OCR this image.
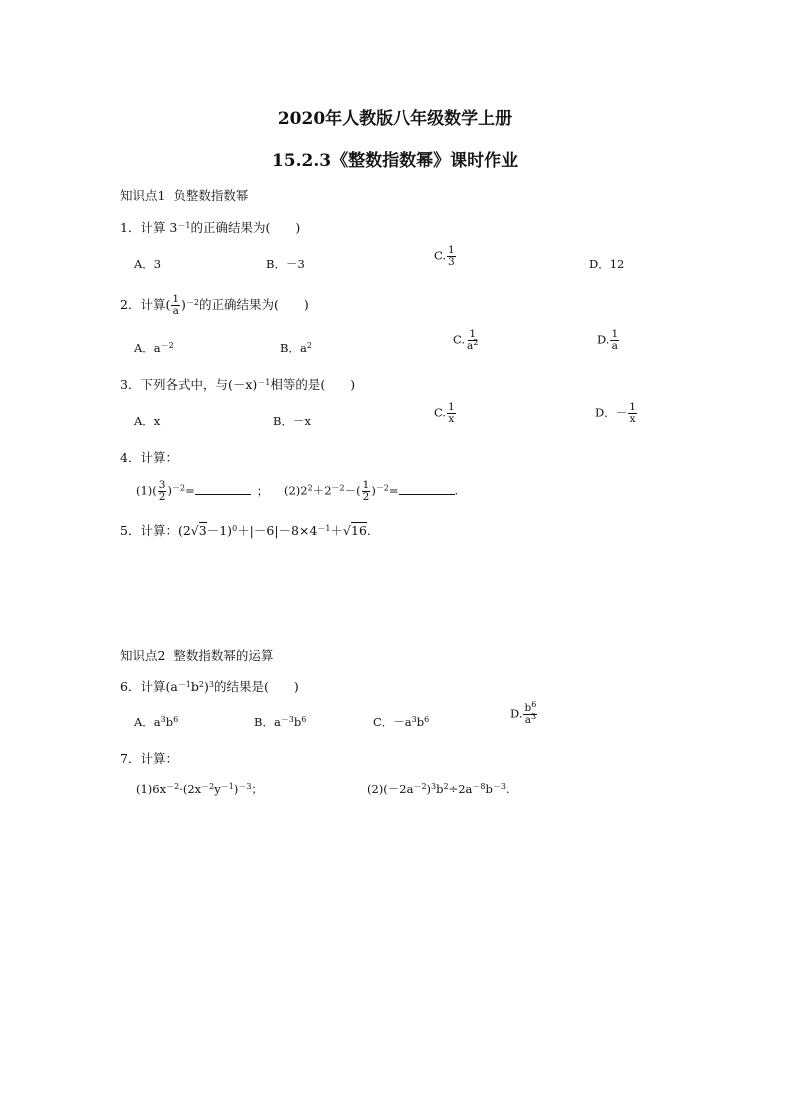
2020年人教版八年级数学上册
15.2.3《整数指数幂》课时作业
知识点1 负整数指数幂
1．计算 $3^{-1}$的正确结果为(　　)
A．3	B．－3
C. $\frac{1}{3}$	D．12
2．计算( $\frac{1}{a} )^{-2}$的正确结果为(　　)
A．$a^{-2}$	B．$a^2$	C. $\frac{1}{a^2}$	D. $\frac{1}{a}$
3．下列各式中，与$(-x)^{-1}$相等的是(　　)
A．x	B．－x
C. $\frac{1}{x}$	D．－ $\frac{1}{x}$
4．计算：
$(1)( \frac{3}{2} )^{-2}=$	； $(2)2^2+2^{-2}-( \frac{1}{2} )^{-2}=$	.
5．计算：$(2√3-1)^0+|-6|-8\times 4^{-1}+√16$.
知识点2 整数指数幂的运算
6．计算$(a^{-1}b^2)^3$的结果是(　　)
A．$a^3b^6$	B．$a^{-3}b^6$	C．$-a^3b^6$	D. $\frac{b^6}{a^3}$
7．计算：
$(1)6x^{-2}\cdot(2x^{-2}y^{-1})^{-3}$；	$(2)(-2a^{-2})^3b^2\div 2a^{-8}b^{-3}$.
